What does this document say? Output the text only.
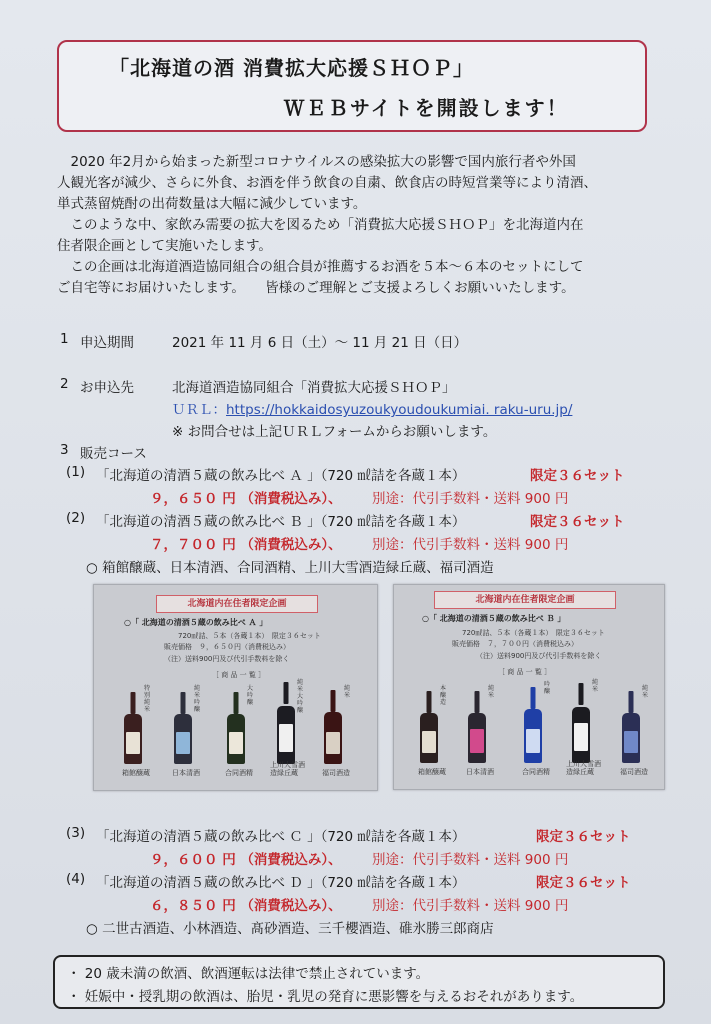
「北海道の酒 消費拡大応援ＳＨＯＰ」
ＷＥＢサイトを開設します！
　2020 年2月から始まった新型コロナウイルスの感染拡大の影響で国内旅行者や外国
人観光客が減少、さらに外食、お酒を伴う飲食の自粛、飲食店の時短営業等により清酒、
単式蒸留焼酎の出荷数量は大幅に減少しています。
　このような中、家飲み需要の拡大を図るため「消費拡大応援ＳＨＯＰ」を北海道内在
住者限企画として実施いたします。
　この企画は北海道酒造協同組合の組合員が推薦するお酒を５本～６本のセットにして
ご自宅等にお届けいたします。　　皆様のご理解とご支援よろしくお願いいたします。
1 申込期間	2021 年 11 月 6 日（土）～ 11 月 21 日（日）
2 お申込先	北海道酒造協同組合「消費拡大応援ＳＨＯＰ」
ＵＲＬ：https://hokkaidosyuzoukyoudoukumiai. raku-uru.jp/
※ お問合せは上記ＵＲＬフォームからお願いします。
3 販売コース
(1) 「北海道の清酒５蔵の飲み比べ Ａ 」（720 ㎖詰を各蔵１本）	限定３６セット
９，６５０ 円 （消費税込み）、 別途：代引手数料・送料 900 円
(2) 「北海道の清酒５蔵の飲み比べ Ｂ 」（720 ㎖詰を各蔵１本）	限定３６セット
７，７００ 円 （消費税込み）、 別途：代引手数料・送料 900 円
○ 箱館醸蔵、日本清酒、合同酒精、上川大雪酒造緑丘蔵、福司酒造
北海道内在住者限定企画
○「 北海道の清酒５蔵の飲み比べ Ａ 」
720㎖詰、５本（各蔵１本）　限定３６セット
販売価格　９，６５０円（消費税込み）
（注）送料900円及び代引手数料を除く
［ 商 品 一 覧 ］
特別純米
純米吟醸
大吟醸
純米大吟醸
純米
箱館醸蔵	日本清酒	合同酒精
上川大雪酒造緑丘蔵	福司酒造
北海道内在住者限定企画
○「 北海道の清酒５蔵の飲み比べ Ｂ 」
720㎖詰、５本（各蔵１本）　限定３６セット
販売価格　７，７００円（消費税込み）
（注）送料900円及び代引手数料を除く
［ 商 品 一 覧 ］
本醸造
純米
吟醸
純米	純米
箱館醸蔵	日本清酒	合同酒精
上川大雪酒造緑丘蔵	福司酒造
(3) 「北海道の清酒５蔵の飲み比べ Ｃ 」（720 ㎖詰を各蔵１本）	限定３６セット
９，６００ 円 （消費税込み）、 別途：代引手数料・送料 900 円
(4) 「北海道の清酒５蔵の飲み比べ Ｄ 」（720 ㎖詰を各蔵１本）	限定３６セット
６，８５０ 円 （消費税込み）、 別途：代引手数料・送料 900 円
○ 二世古酒造、小林酒造、髙砂酒造、三千櫻酒造、碓氷勝三郎商店
・ 20 歳未満の飲酒、飲酒運転は法律で禁止されています。
・ 妊娠中・授乳期の飲酒は、胎児・乳児の発育に悪影響を与えるおそれがあります。
